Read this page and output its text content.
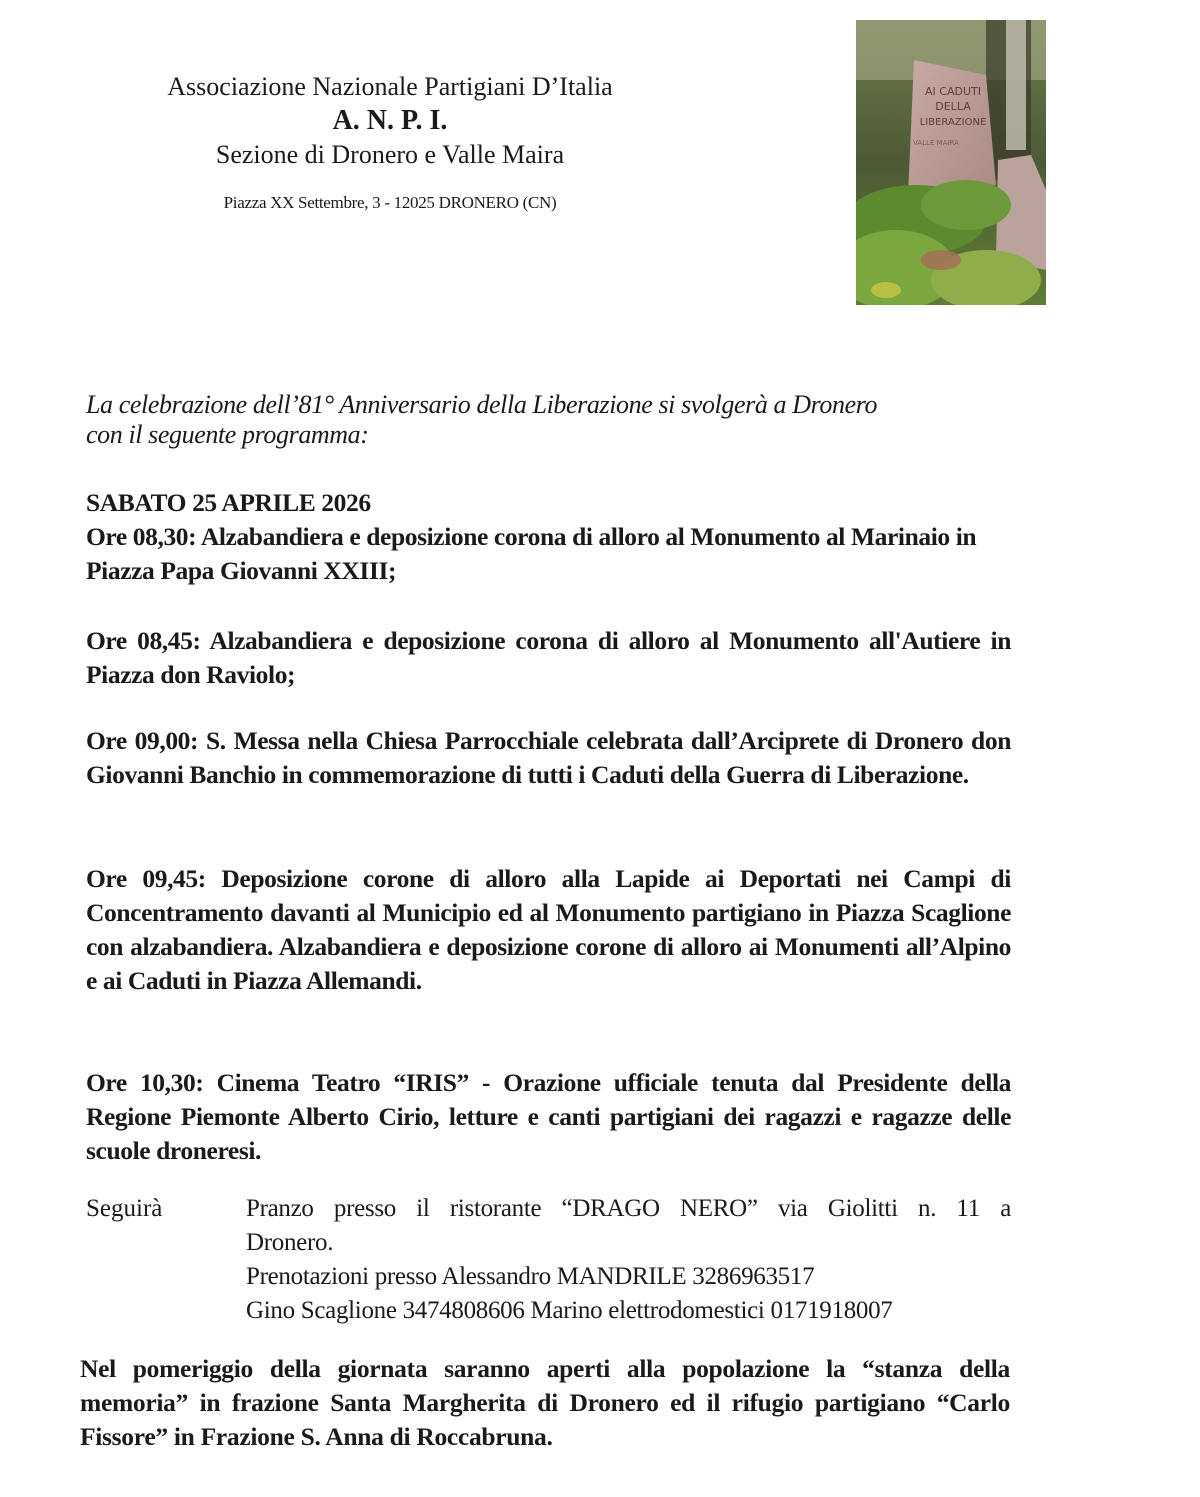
Associazione Nazionale Partigiani D’Italia
A. N. P. I.
Sezione di Dronero e Valle Maira
Piazza XX Settembre, 3 - 12025 DRONERO (CN)
AI CADUTI
DELLA
LIBERAZIONE
VALLE MAIRA
La celebrazione dell’81° Anniversario della Liberazione si svolgerà a Dronero
con il seguente programma:
SABATO 25 APRILE 2026
Ore 08,30: Alzabandiera e deposizione corona di alloro al Monumento al Marinaio in Piazza Papa Giovanni XXIII;
Ore 08,45: Alzabandiera e deposizione corona di alloro al Monumento all'Autiere in Piazza don Raviolo;
Ore 09,00: S. Messa nella Chiesa Parrocchiale celebrata dall’Arciprete di Dronero don Giovanni Banchio in commemorazione di tutti i Caduti della Guerra di Liberazione.
Ore 09,45: Deposizione corone di alloro alla Lapide ai Deportati nei Campi di Concentramento davanti al Municipio ed al Monumento partigiano in Piazza Scaglione con alzabandiera. Alzabandiera e deposizione corone di alloro ai Monumenti all’Alpino e ai Caduti in Piazza Allemandi.
Ore 10,30: Cinema Teatro “IRIS” - Orazione ufficiale tenuta dal Presidente della Regione Piemonte Alberto Cirio, letture e canti partigiani dei ragazzi e ragazze delle scuole droneresi.
Seguirà	Pranzo presso il ristorante “DRAGO NERO” via Giolitti n. 11 a
Dronero.
Prenotazioni presso Alessandro MANDRILE 3286963517
Gino Scaglione 3474808606 Marino elettrodomestici 0171918007
Nel pomeriggio della giornata saranno aperti alla popolazione la “stanza della memoria” in frazione Santa Margherita di Dronero ed il rifugio partigiano “Carlo Fissore” in Frazione S. Anna di Roccabruna.
